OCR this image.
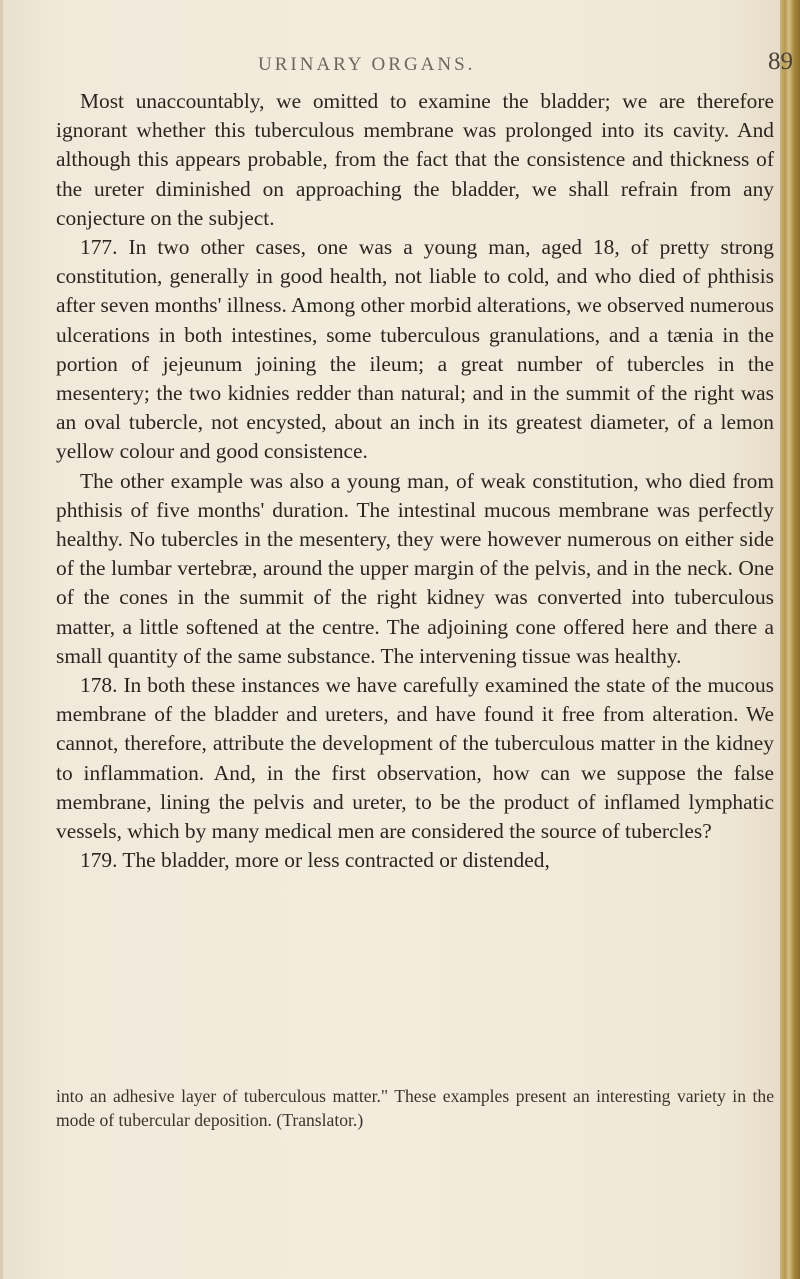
URINARY ORGANS.	89

Most unaccountably, we omitted to examine the bladder; we are therefore ignorant whether this tuberculous membrane was prolonged into its cavity. And although this appears probable, from the fact that the consistence and thickness of the ureter diminished on approaching the bladder, we shall refrain from any conjecture on the subject.

177. In two other cases, one was a young man, aged 18, of pretty strong constitution, generally in good health, not liable to cold, and who died of phthisis after seven months' illness. Among other morbid alterations, we observed numerous ulcerations in both intestines, some tuberculous granulations, and a tænia in the portion of jejeunum joining the ileum; a great number of tubercles in the mesentery; the two kidnies redder than natural; and in the summit of the right was an oval tubercle, not encysted, about an inch in its greatest diameter, of a lemon yellow colour and good consistence.

The other example was also a young man, of weak constitution, who died from phthisis of five months' duration. The intestinal mucous membrane was perfectly healthy. No tubercles in the mesentery, they were however numerous on either side of the lumbar vertebræ, around the upper margin of the pelvis, and in the neck. One of the cones in the summit of the right kidney was converted into tuberculous matter, a little softened at the centre. The adjoining cone offered here and there a small quantity of the same substance. The intervening tissue was healthy.

178. In both these instances we have carefully examined the state of the mucous membrane of the bladder and ureters, and have found it free from alteration. We cannot, therefore, attribute the development of the tuberculous matter in the kidney to inflammation. And, in the first observation, how can we suppose the false membrane, lining the pelvis and ureter, to be the product of inflamed lymphatic vessels, which by many medical men are considered the source of tubercles?

179. The bladder, more or less contracted or distended,

into an adhesive layer of tuberculous matter." These examples present an interesting variety in the mode of tubercular deposition. (Translator.)
